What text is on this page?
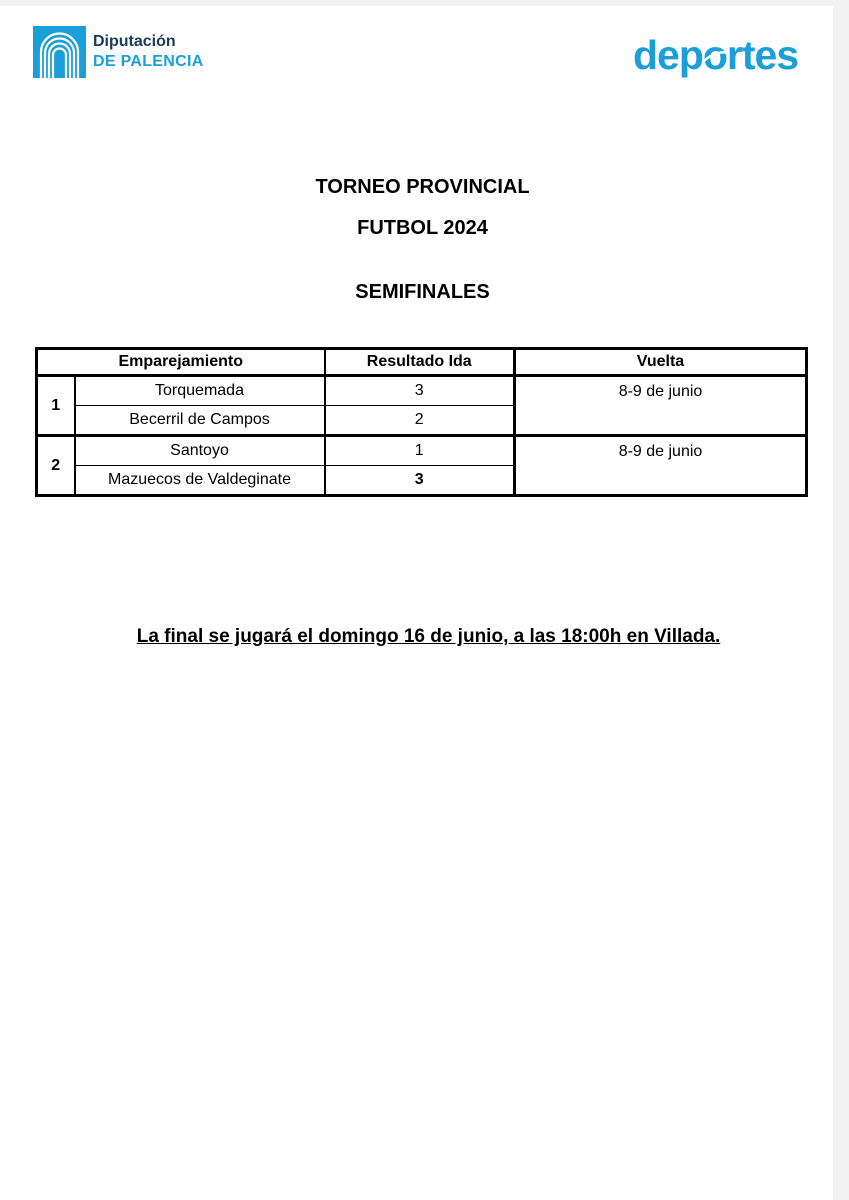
Diputación
DE PALENCIA	deportes
TORNEO PROVINCIAL
FUTBOL 2024
SEMIFINALES
Emparejamiento		Resultado Ida	Vuelta
1	Torquemada	3	8-9 de junio
	Becerril de Campos	2	
2	Santoyo	1	8-9 de junio
	Mazuecos de Valdeginate	3	
La final se jugará el domingo 16 de junio, a las 18:00h en Villada.
